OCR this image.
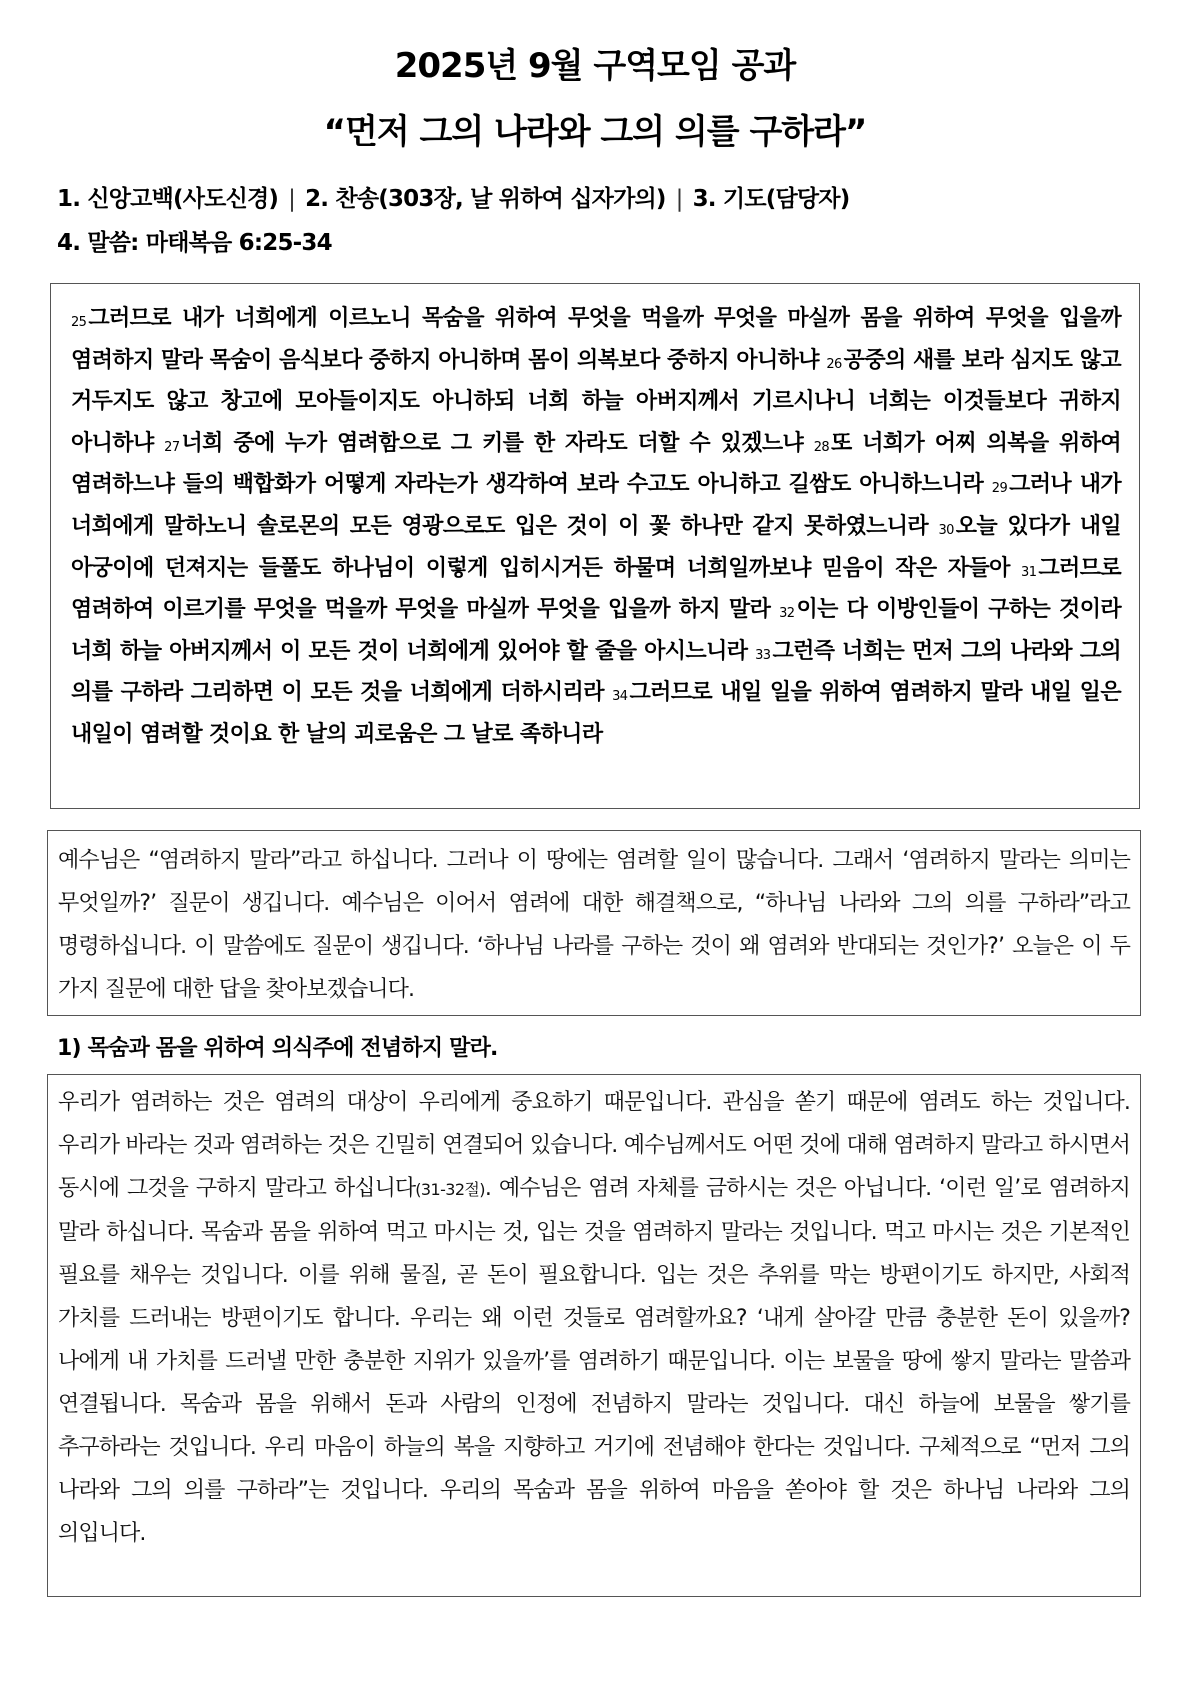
2025년 9월 구역모임 공과
“먼저 그의 나라와 그의 의를 구하라”
1. 신앙고백(사도신경) | 2. 찬송(303장, 날 위하여 십자가의) | 3. 기도(담당자)
4. 말씀: 마태복음 6:25-34
$^{25}$그러므로 내가 너희에게 이르노니 목숨을 위하여 무엇을 먹을까 무엇을 마실까 몸을 위하여 무엇을 입을까 염려하지 말라 목숨이 음식보다 중하지 아니하며 몸이 의복보다 중하지 아니하냐 $^{26}$공중의 새를 보라 심지도 않고 거두지도 않고 창고에 모아들이지도 아니하되 너희 하늘 아버지께서 기르시나니 너희는 이것들보다 귀하지 아니하냐 $^{27}$너희 중에 누가 염려함으로 그 키를 한 자라도 더할 수 있겠느냐 $^{28}$또 너희가 어찌 의복을 위하여 염려하느냐 들의 백합화가 어떻게 자라는가 생각하여 보라 수고도 아니하고 길쌈도 아니하느니라 $^{29}$그러나 내가 너희에게 말하노니 솔로몬의 모든 영광으로도 입은 것이 이 꽃 하나만 같지 못하였느니라 $^{30}$오늘 있다가 내일 아궁이에 던져지는 들풀도 하나님이 이렇게 입히시거든 하물며 너희일까보냐 믿음이 작은 자들아 $^{31}$그러므로 염려하여 이르기를 무엇을 먹을까 무엇을 마실까 무엇을 입을까 하지 말라 $^{32}$이는 다 이방인들이 구하는 것이라 너희 하늘 아버지께서 이 모든 것이 너희에게 있어야 할 줄을 아시느니라 $^{33}$그런즉 너희는 먼저 그의 나라와 그의 의를 구하라 그리하면 이 모든 것을 너희에게 더하시리라 $^{34}$그러므로 내일 일을 위하여 염려하지 말라 내일 일은 내일이 염려할 것이요 한 날의 괴로움은 그 날로 족하니라
예수님은 “염려하지 말라”라고 하십니다. 그러나 이 땅에는 염려할 일이 많습니다. 그래서 ‘염려하지 말라는 의미는 무엇일까?’ 질문이 생깁니다. 예수님은 이어서 염려에 대한 해결책으로, “하나님 나라와 그의 의를 구하라”라고 명령하십니다. 이 말씀에도 질문이 생깁니다. ‘하나님 나라를 구하는 것이 왜 염려와 반대되는 것인가?’ 오늘은 이 두 가지 질문에 대한 답을 찾아보겠습니다.
1) 목숨과 몸을 위하여 의식주에 전념하지 말라.
우리가 염려하는 것은 염려의 대상이 우리에게 중요하기 때문입니다. 관심을 쏟기 때문에 염려도 하는 것입니다. 우리가 바라는 것과 염려하는 것은 긴밀히 연결되어 있습니다. 예수님께서도 어떤 것에 대해 염려하지 말라고 하시면서 동시에 그것을 구하지 말라고 하십니다(31-32절). 예수님은 염려 자체를 금하시는 것은 아닙니다. ‘이런 일’로 염려하지 말라 하십니다. 목숨과 몸을 위하여 먹고 마시는 것, 입는 것을 염려하지 말라는 것입니다. 먹고 마시는 것은 기본적인 필요를 채우는 것입니다. 이를 위해 물질, 곧 돈이 필요합니다. 입는 것은 추위를 막는 방편이기도 하지만, 사회적 가치를 드러내는 방편이기도 합니다. 우리는 왜 이런 것들로 염려할까요? ‘내게 살아갈 만큼 충분한 돈이 있을까? 나에게 내 가치를 드러낼 만한 충분한 지위가 있을까’를 염려하기 때문입니다. 이는 보물을 땅에 쌓지 말라는 말씀과 연결됩니다. 목숨과 몸을 위해서 돈과 사람의 인정에 전념하지 말라는 것입니다. 대신 하늘에 보물을 쌓기를 추구하라는 것입니다. 우리 마음이 하늘의 복을 지향하고 거기에 전념해야 한다는 것입니다. 구체적으로 “먼저 그의 나라와 그의 의를 구하라”는 것입니다. 우리의 목숨과 몸을 위하여 마음을 쏟아야 할 것은 하나님 나라와 그의 의입니다.
